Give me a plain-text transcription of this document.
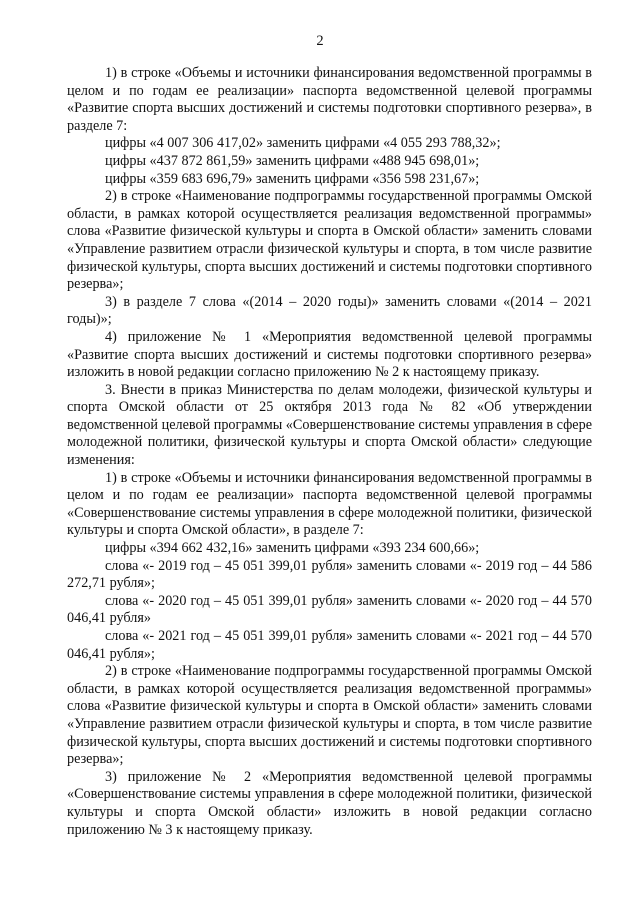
2

1) в строке «Объемы и источники финансирования ведомственной программы в целом и по годам ее реализации» паспорта ведомственной целевой программы «Развитие спорта высших достижений и системы подготовки спортивного резерва», в разделе 7:

цифры «4 007 306 417,02» заменить цифрами «4 055 293 788,32»;

цифры «437 872 861,59» заменить цифрами «488 945 698,01»;

цифры «359 683 696,79» заменить цифрами «356 598 231,67»;

2) в строке «Наименование подпрограммы государственной программы Омской области, в рамках которой осуществляется реализация ведомственной программы» слова «Развитие физической культуры и спорта в Омской области» заменить словами «Управление развитием отрасли физической культуры и спорта, в том числе развитие физической культуры, спорта высших достижений и системы подготовки спортивного резерва»;

3) в разделе 7 слова «(2014 – 2020 годы)» заменить словами «(2014 – 2021 годы)»;

4) приложение № 1 «Мероприятия ведомственной целевой программы «Развитие спорта высших достижений и системы подготовки спортивного резерва» изложить в новой редакции согласно приложению № 2 к настоящему приказу.

3. Внести в приказ Министерства по делам молодежи, физической культуры и спорта Омской области от 25 октября 2013 года № 82 «Об утверждении ведомственной целевой программы «Совершенствование системы управления в сфере молодежной политики, физической культуры и спорта Омской области» следующие изменения:

1) в строке «Объемы и источники финансирования ведомственной программы в целом и по годам ее реализации» паспорта ведомственной целевой программы «Совершенствование системы управления в сфере молодежной политики, физической культуры и спорта Омской области», в разделе 7:

цифры «394 662 432,16» заменить цифрами «393 234 600,66»;

слова «- 2019 год – 45 051 399,01 рубля» заменить словами «- 2019 год – 44 586 272,71 рубля»;

слова «- 2020 год – 45 051 399,01 рубля» заменить словами «- 2020 год – 44 570 046,41 рубля»

слова «- 2021 год – 45 051 399,01 рубля» заменить словами «- 2021 год – 44 570 046,41 рубля»;

2) в строке «Наименование подпрограммы государственной программы Омской области, в рамках которой осуществляется реализация ведомственной программы» слова «Развитие физической культуры и спорта в Омской области» заменить словами «Управление развитием отрасли физической культуры и спорта, в том числе развитие физической культуры, спорта высших достижений и системы подготовки спортивного резерва»;

3) приложение № 2 «Мероприятия ведомственной целевой программы «Совершенствование системы управления в сфере молодежной политики, физической культуры и спорта Омской области» изложить в новой редакции согласно приложению № 3 к настоящему приказу.
